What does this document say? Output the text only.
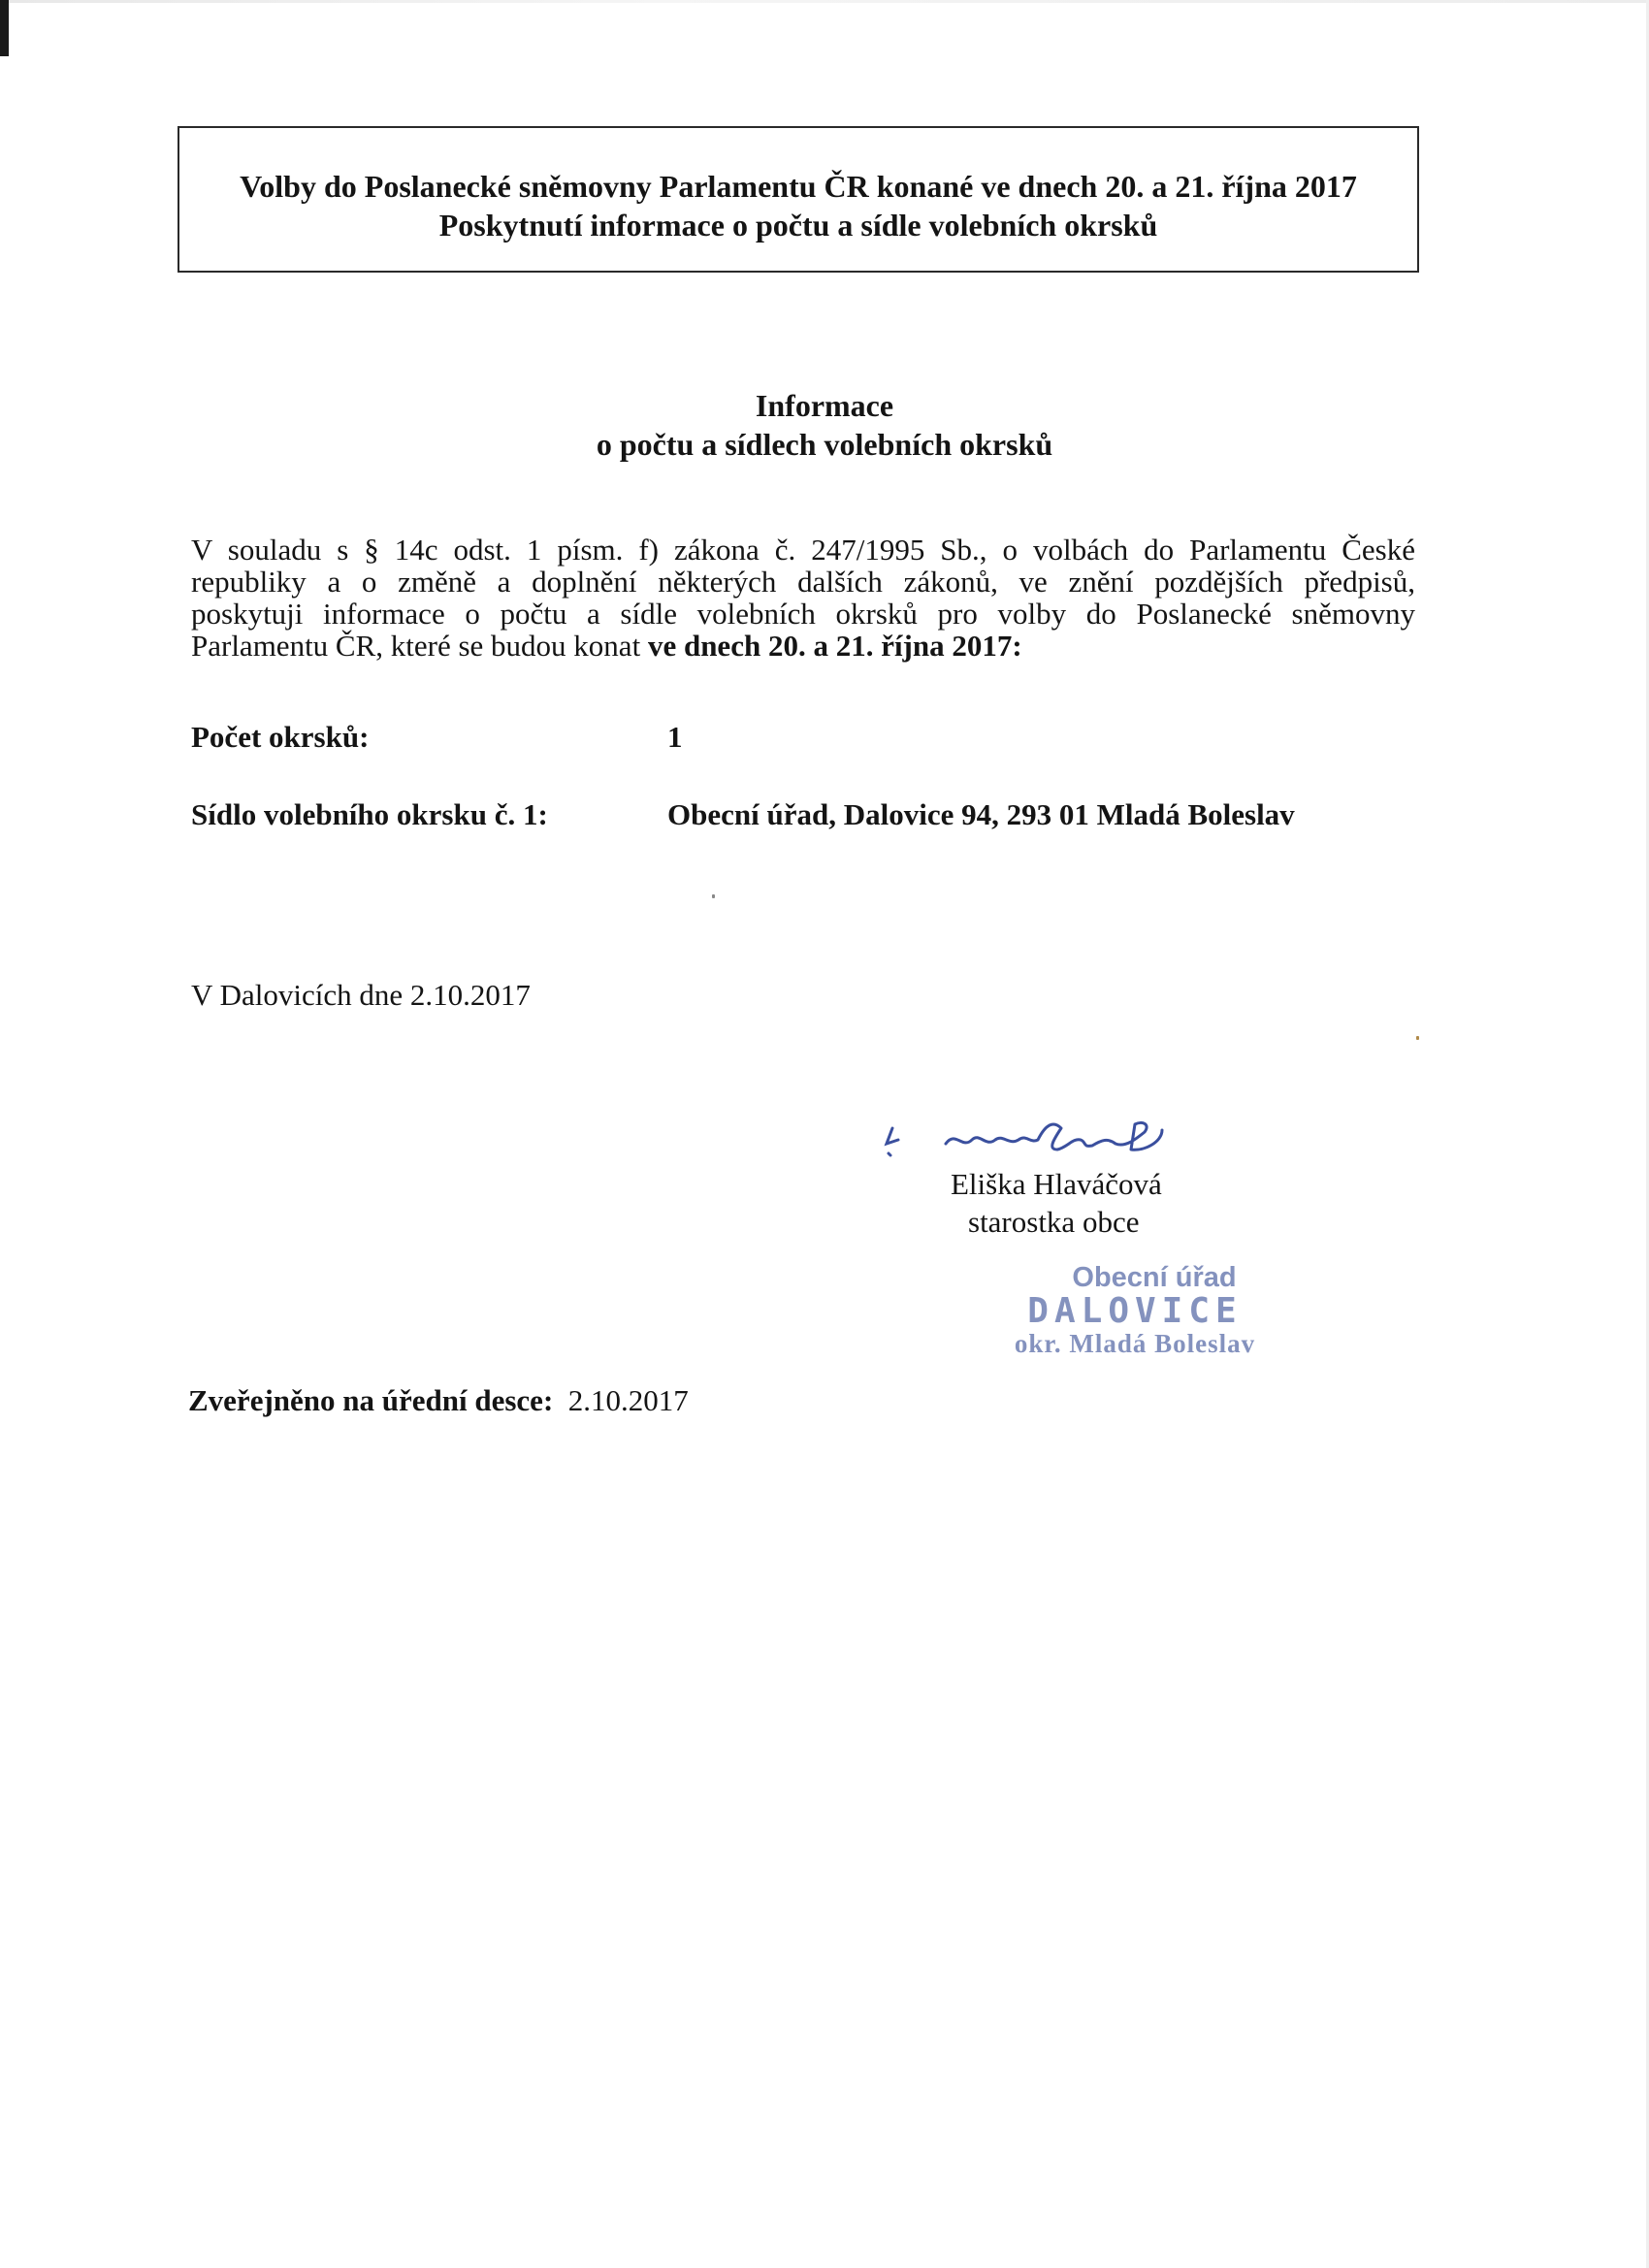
Volby do Poslanecké sněmovny Parlamentu ČR konané ve dnech 20. a 21. října 2017
Poskytnutí informace o počtu a sídle volebních okrsků
Informace
o počtu a sídlech volebních okrsků
V souladu s § 14c odst. 1 písm. f) zákona č. 247/1995 Sb., o volbách do Parlamentu České
republiky a o změně a doplnění některých dalších zákonů, ve znění pozdějších předpisů,
poskytuji informace o počtu a sídle volebních okrsků pro volby do Poslanecké sněmovny
Parlamentu ČR, které se budou konat ve dnech 20. a 21. října 2017:
Počet okrsků:	1
Sídlo volebního okrsku č. 1:	Obecní úřad, Dalovice 94, 293 01 Mladá Boleslav
V Dalovicích dne 2.10.2017
Eliška Hlaváčová
starostka obce
Obecní úřad
DALOVICE
okr. Mladá Boleslav
Zveřejněno na úřední desce: 2.10.2017
